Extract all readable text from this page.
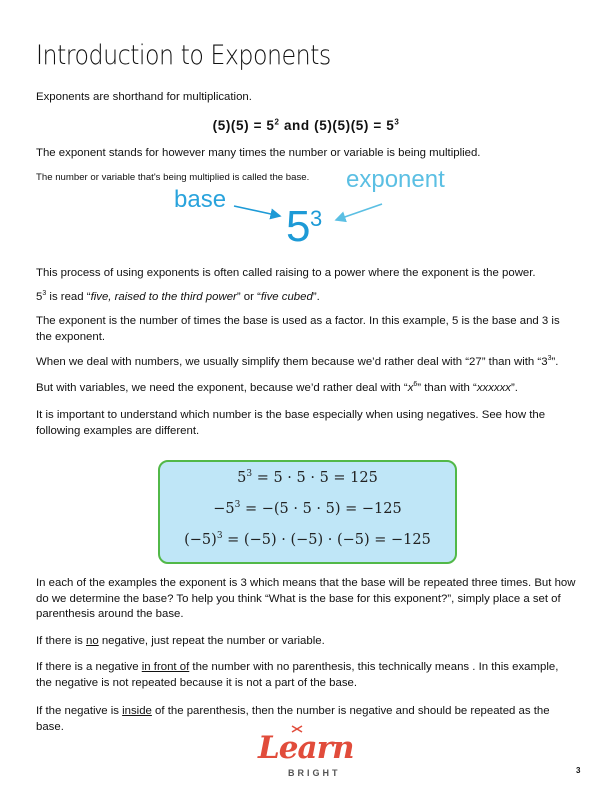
Introduction to Exponents
Exponents are shorthand for multiplication.
$(5)(5) = 5^2$ and $(5)(5)(5) = 5^3$
The exponent stands for however many times the number or variable is being multiplied.
The number or variable that's being multiplied is called the base.
base
exponent
5 3
This process of using exponents is often called raising to a power where the exponent is the power.
$5^3$ is read “five, raised to the third power” or “five cubed”.
The exponent is the number of times the base is used as a factor. In this example, 5 is the base and 3 is the exponent.
When we deal with numbers, we usually simplify them because we’d rather deal with “27” than with “$3^3$”.
But with variables, we need the exponent, because we’d rather deal with “$x^6$” than with “xxxxxx”.
It is important to understand which number is the base especially when using negatives. See how the following examples are different.
$5^3 = 5 \cdot 5 \cdot 5 = 125$
$-5^3 = -(5 \cdot 5 \cdot 5) = -125$
$(-5)^3 = (-5) \cdot (-5) \cdot (-5) = -125$
In each of the examples the exponent is 3 which means that the base will be repeated three times. But how do we determine the base? To help you think “What is the base for this exponent?”, simply place a set of parenthesis around the base.
If there is no negative, just repeat the number or variable.
If there is a negative in front of the number with no parenthesis, this technically means . In this example, the negative is not repeated because it is not a part of the base.
If the negative is inside of the parenthesis, then the number is negative and should be repeated as the base.
Learn
BRIGHT	3
